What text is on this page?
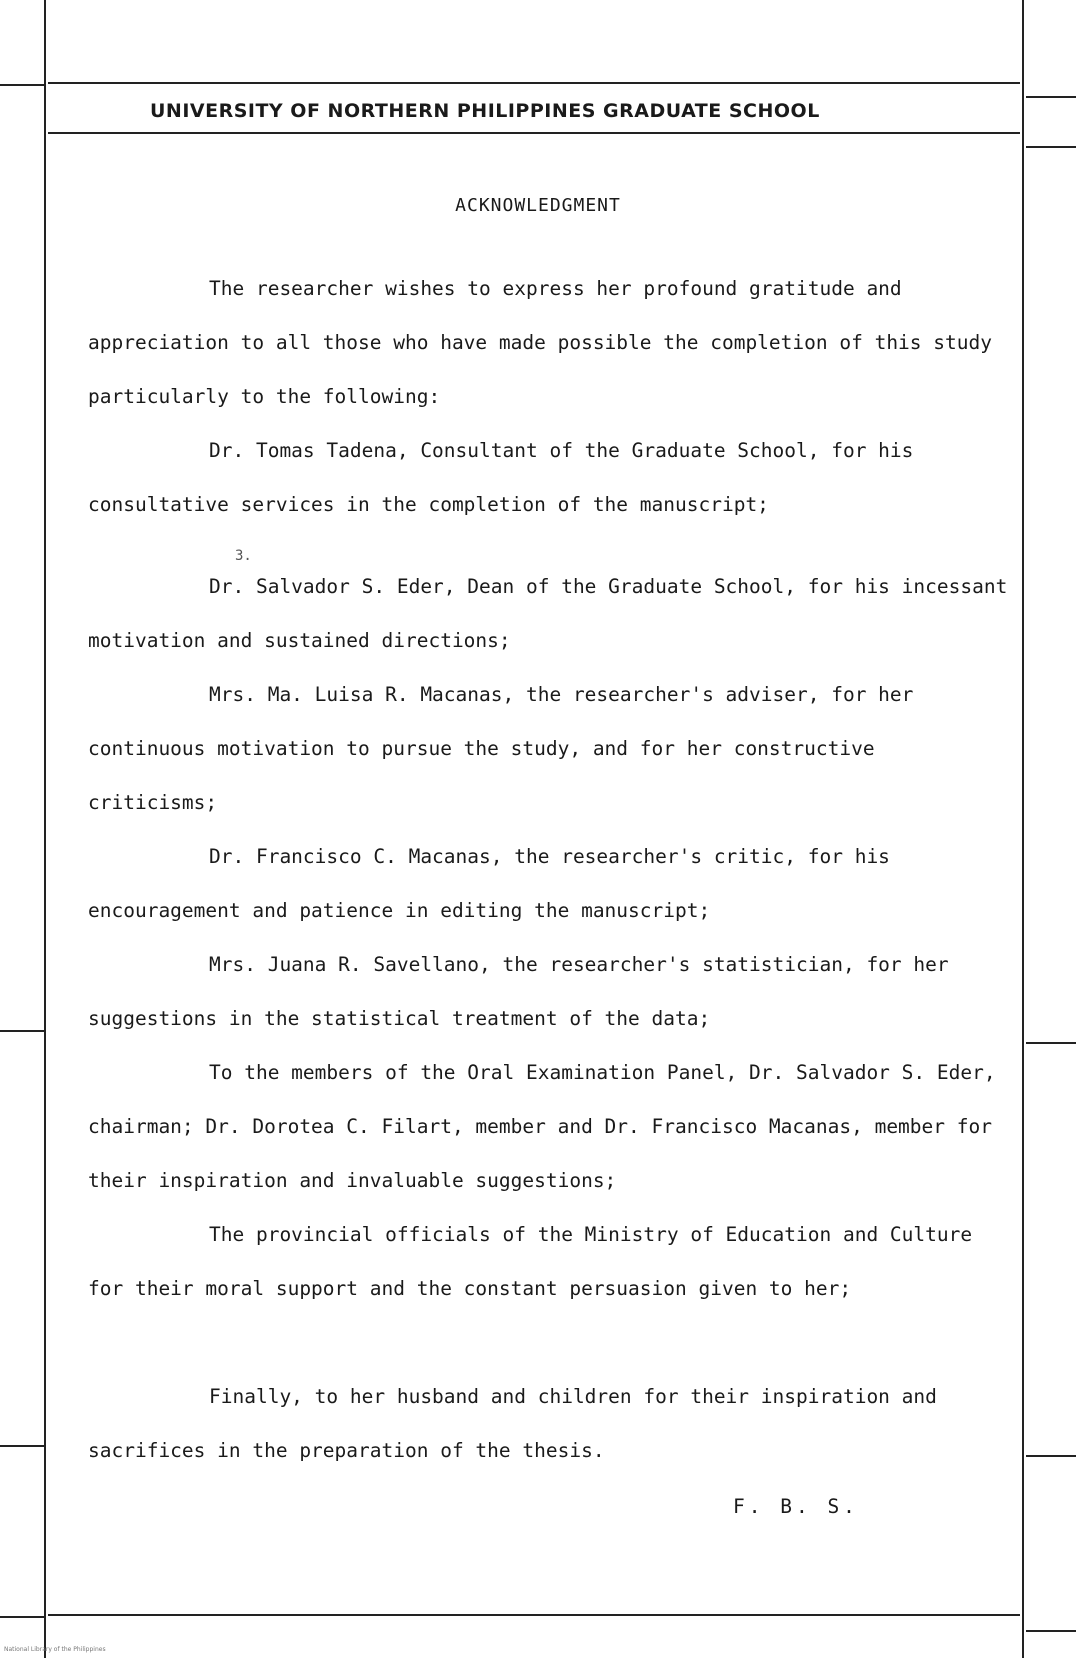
UNIVERSITY OF NORTHERN PHILIPPINES GRADUATE SCHOOL
ACKNOWLEDGMENT

The researcher wishes to express her profound gratitude and appreciation to all those who have made possible the completion of this study particularly to the following:

Dr. Tomas Tadena, Consultant of the Graduate School, for his consultative services in the completion of the manuscript;

3.

Dr. Salvador S. Eder, Dean of the Graduate School, for his incessant motivation and sustained directions;

Mrs. Ma. Luisa R. Macanas, the researcher's adviser, for her continuous motivation to pursue the study, and for her constructive criticisms;

Dr. Francisco C. Macanas, the researcher's critic, for his encouragement and patience in editing the manuscript;

Mrs. Juana R. Savellano, the researcher's statistician, for her suggestions in the statistical treatment of the data;

To the members of the Oral Examination Panel, Dr. Salvador S. Eder, chairman; Dr. Dorotea C. Filart, member and Dr. Francisco Macanas, member for their inspiration and invaluable suggestions;

The provincial officials of the Ministry of Education and Culture for their moral support and the constant persuasion given to her;

Finally, to her husband and children for their inspiration and sacrifices in the preparation of the thesis.

F. B. S.
National Library of the Philippines
